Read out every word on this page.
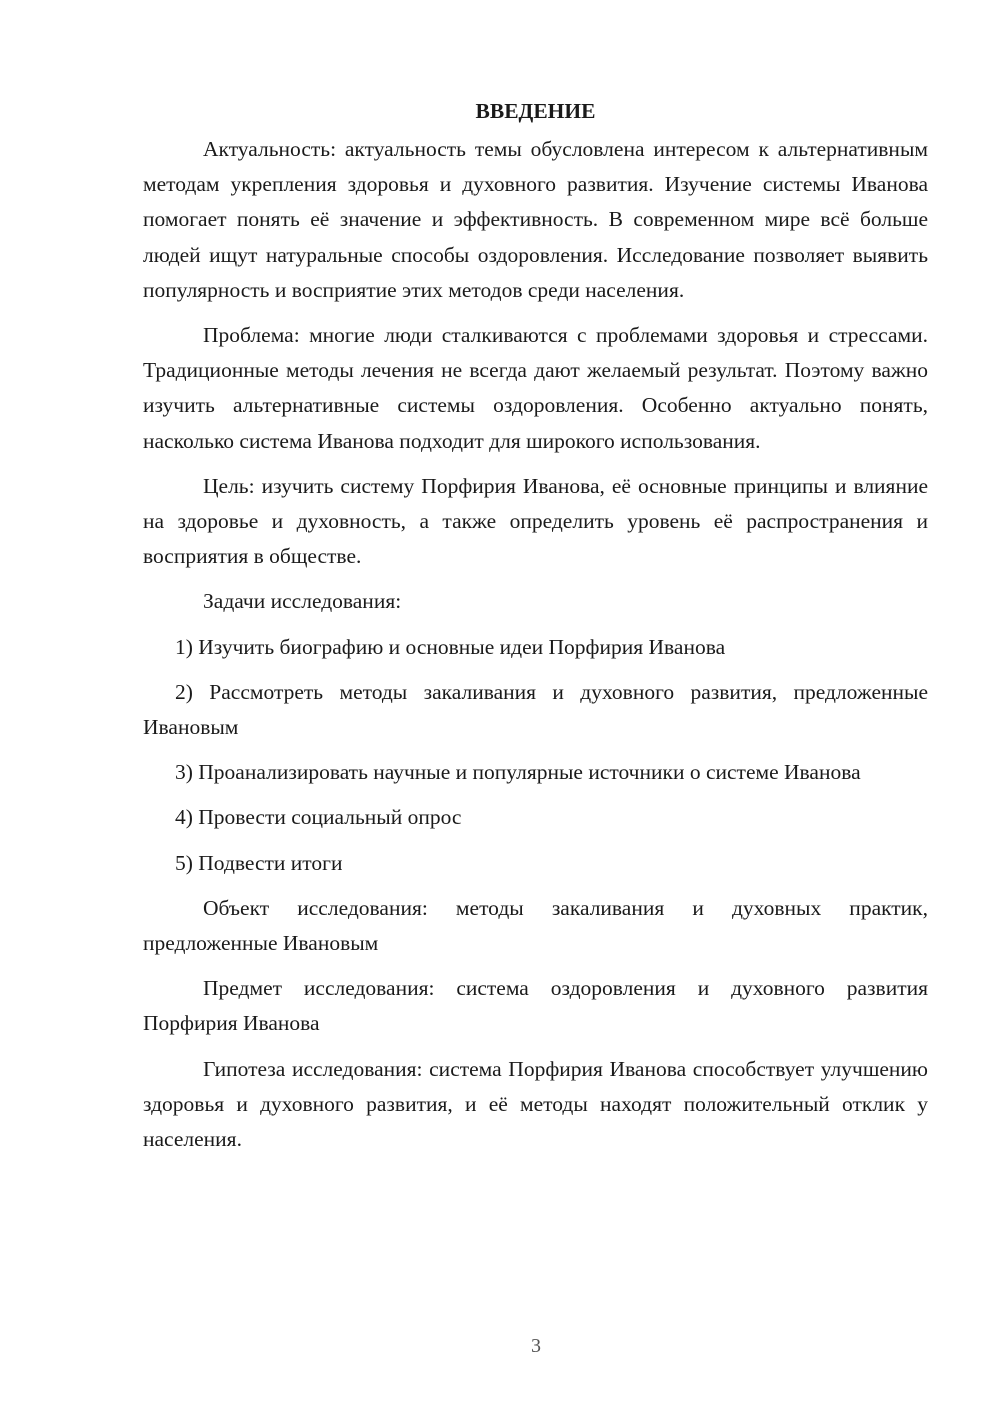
ВВЕДЕНИЕ

Актуальность: актуальность темы обусловлена интересом к альтернативным методам укрепления здоровья и духовного развития. Изучение системы Иванова помогает понять её значение и эффективность. В современном мире всё больше людей ищут натуральные способы оздоровления. Исследование позволяет выявить популярность и восприятие этих методов среди населения.

Проблема: многие люди сталкиваются с проблемами здоровья и стрессами. Традиционные методы лечения не всегда дают желаемый результат. Поэтому важно изучить альтернативные системы оздоровления. Особенно актуально понять, насколько система Иванова подходит для широкого использования.

Цель: изучить систему Порфирия Иванова, её основные принципы и влияние на здоровье и духовность, а также определить уровень её распространения и восприятия в обществе.

Задачи исследования:

1) Изучить биографию и основные идеи Порфирия Иванова

2) Рассмотреть методы закаливания и духовного развития, предложенные Ивановым

3) Проанализировать научные и популярные источники о системе Иванова

4) Провести социальный опрос

5) Подвести итоги

Объект исследования: методы закаливания и духовных практик, предложенные Ивановым

Предмет исследования: система оздоровления и духовного развития Порфирия Иванова

Гипотеза исследования: система Порфирия Иванова способствует улучшению здоровья и духовного развития, и её методы находят положительный отклик у населения.

3
